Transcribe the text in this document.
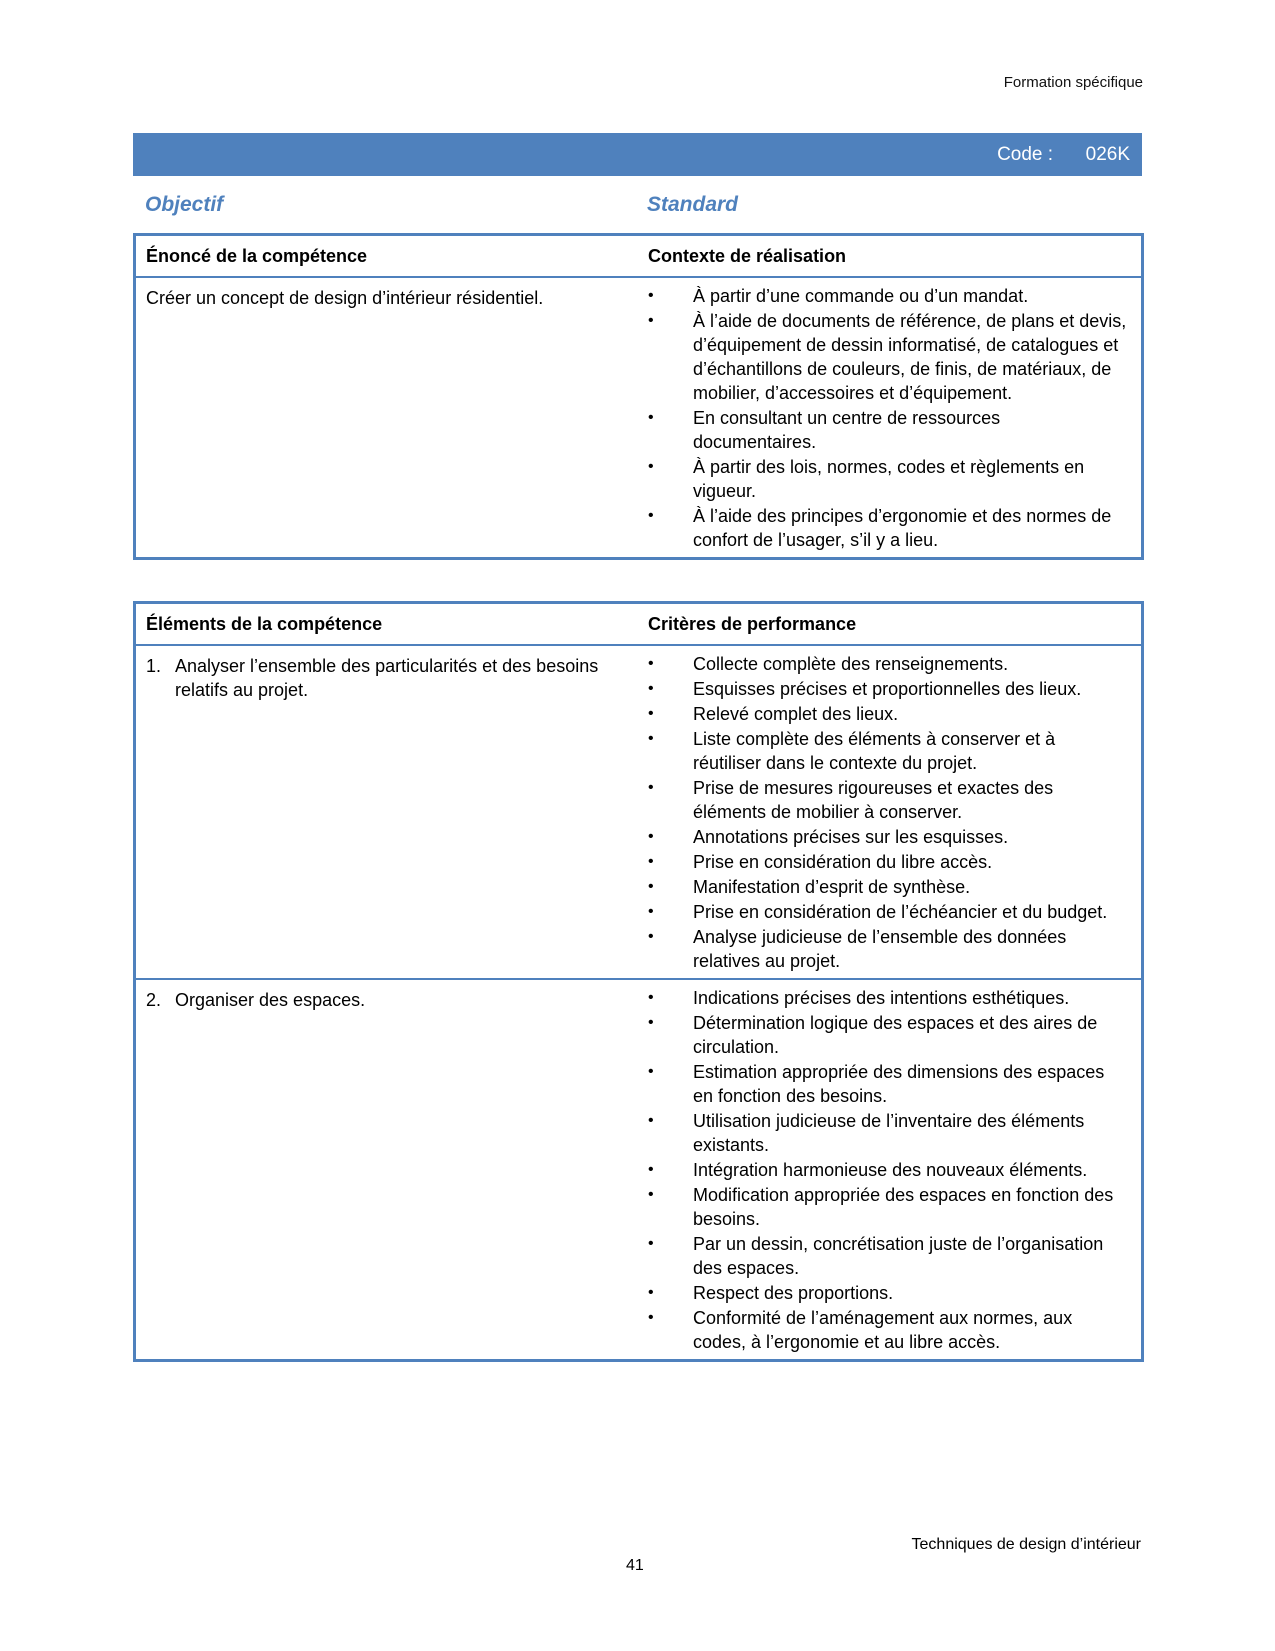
Formation spécifique
Code : 026K
Objectif	Standard
Énoncé de la compétence	Contexte de réalisation
Créer un concept de design d’intérieur résidentiel.	•	À partir d’une commande ou d’un mandat.
•	À l’aide de documents de référence, de plans et devis, d’équipement de dessin informatisé, de catalogues et d’échantillons de couleurs, de finis, de matériaux, de mobilier, d’accessoires et d’équipement.
•	En consultant un centre de ressources documentaires.
•	À partir des lois, normes, codes et règlements en vigueur.
•	À l’aide des principes d’ergonomie et des normes de confort de l’usager, s’il y a lieu.
Éléments de la compétence	Critères de performance
1. Analyser l’ensemble des particularités et des besoins relatifs au projet.
•	Collecte complète des renseignements.
•	Esquisses précises et proportionnelles des lieux.
•	Relevé complet des lieux.
•	Liste complète des éléments à conserver et à réutiliser dans le contexte du projet.
•	Prise de mesures rigoureuses et exactes des éléments de mobilier à conserver.
•	Annotations précises sur les esquisses.
•	Prise en considération du libre accès.
•	Manifestation d’esprit de synthèse.
•	Prise en considération de l’échéancier et du budget.
•	Analyse judicieuse de l’ensemble des données relatives au projet.
2. Organiser des espaces.	•	Indications précises des intentions esthétiques.
•	Détermination logique des espaces et des aires de circulation.
•	Estimation appropriée des dimensions des espaces en fonction des besoins.
•	Utilisation judicieuse de l’inventaire des éléments existants.
•	Intégration harmonieuse des nouveaux éléments.
•	Modification appropriée des espaces en fonction des besoins.
•	Par un dessin, concrétisation juste de l’organisation des espaces.
•	Respect des proportions.
•	Conformité de l’aménagement aux normes, aux codes, à l’ergonomie et au libre accès.
Techniques de design d’intérieur
41
